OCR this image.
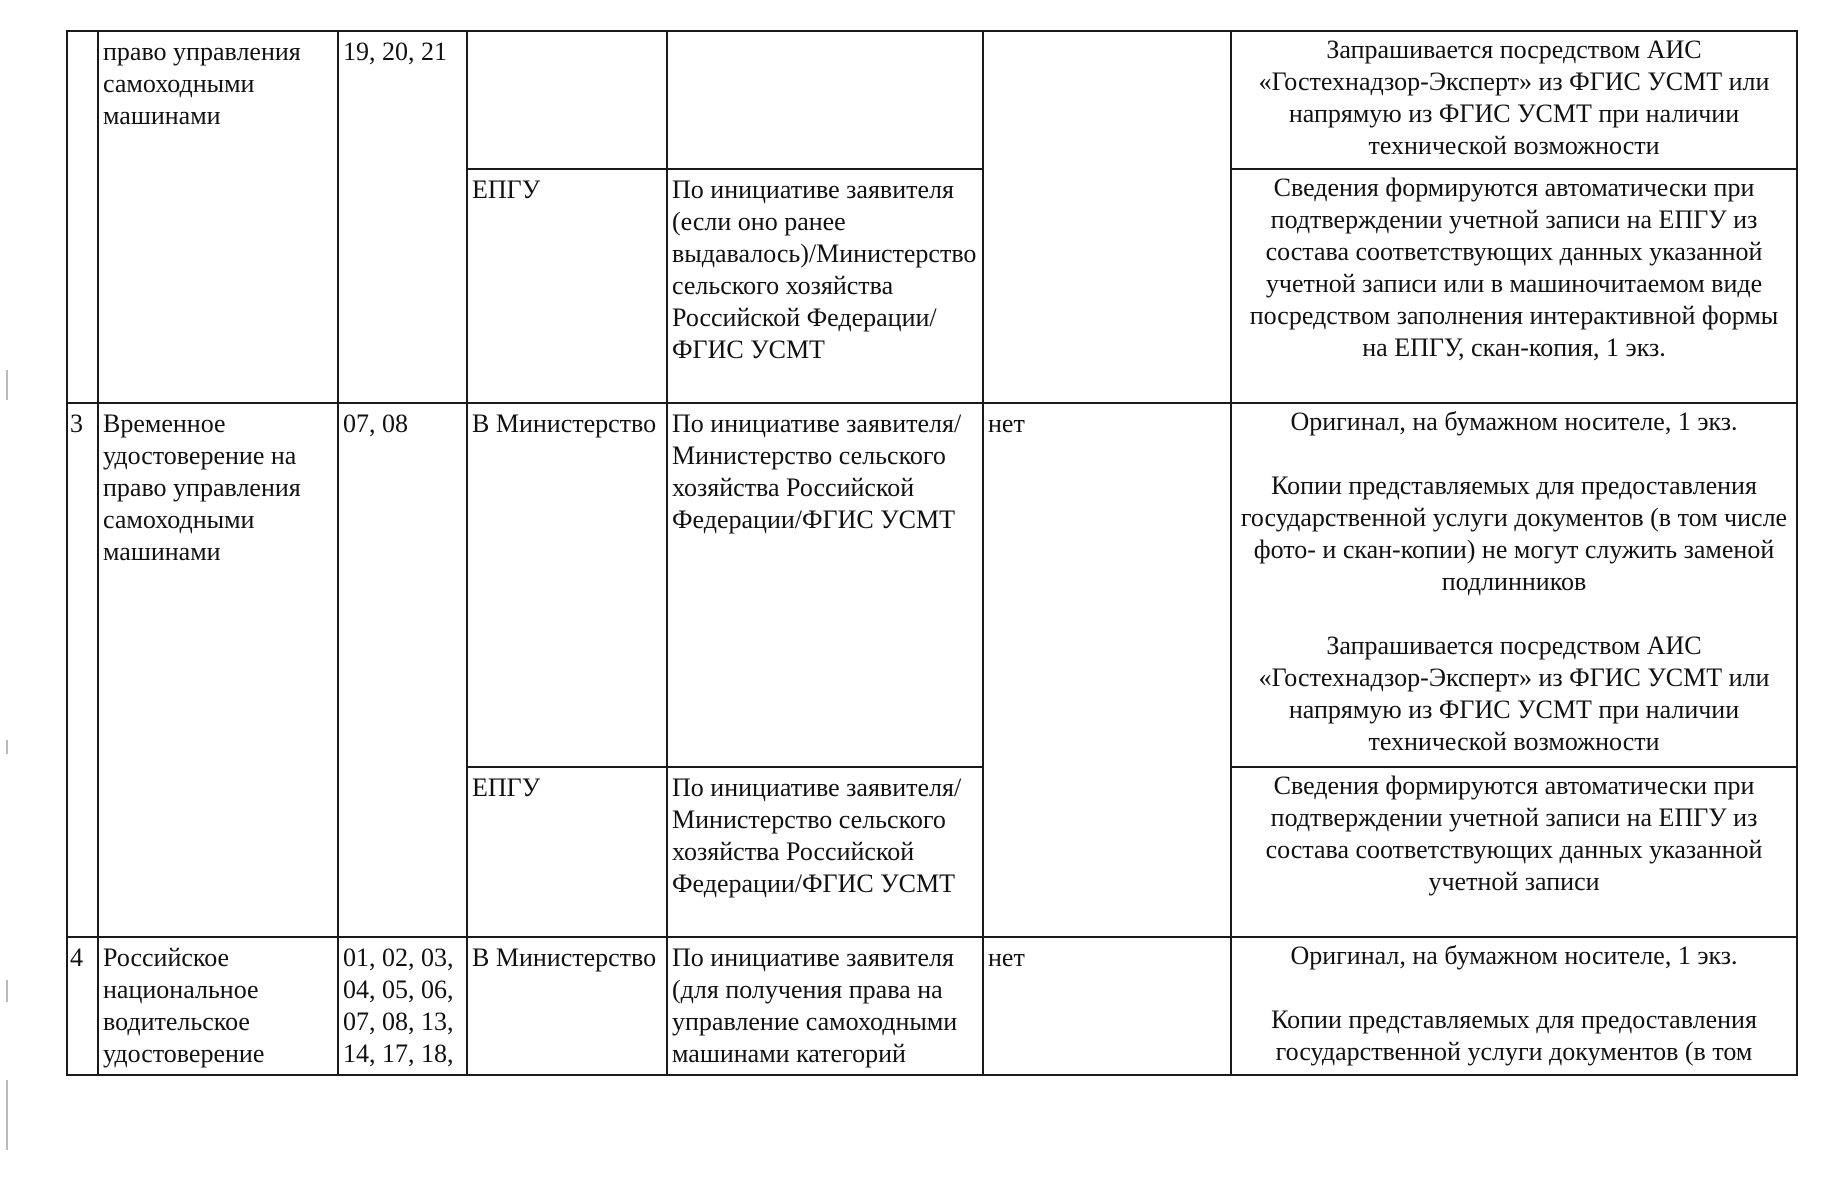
	право управления самоходными машинами	19, 20, 21				Запрашивается посредством АИС «Гостехнадзор-Эксперт» из ФГИС УСМТ или напрямую из ФГИС УСМТ при наличии технической возможности
			ЕПГУ	По инициативе заявителя (если оно ранее выдавалось)/Министерство сельского хозяйства Российской Федерации/ФГИС УСМТ		Сведения формируются автоматически при подтверждении учетной записи на ЕПГУ из состава соответствующих данных указанной учетной записи или в машиночитаемом виде посредством заполнения интерактивной формы на ЕПГУ, скан-копия, 1 экз.
3	Временное удостоверение на право управления самоходными машинами	07, 08	В Министерство	По инициативе заявителя/Министерство сельского хозяйства Российской Федерации/ФГИС УСМТ	нет	Оригинал, на бумажном носителе, 1 экз.
Копии представляемых для предоставления государственной услуги документов (в том числе фото- и скан-копии) не могут служить заменой подлинников
Запрашивается посредством АИС «Гостехнадзор-Эксперт» из ФГИС УСМТ или напрямую из ФГИС УСМТ при наличии технической возможности

			ЕПГУ	По инициативе заявителя/Министерство сельского хозяйства Российской Федерации/ФГИС УСМТ		Сведения формируются автоматически при подтверждении учетной записи на ЕПГУ из состава соответствующих данных указанной учетной записи
4	Российское национальное водительское удостоверение	01, 02, 03, 04, 05, 06, 07, 08, 13, 14, 17, 18,	В Министерство	По инициативе заявителя (для получения права на управление самоходными машинами категорий	нет	Оригинал, на бумажном носителе, 1 экз.
Копии представляемых для предоставления государственной услуги документов (в том
